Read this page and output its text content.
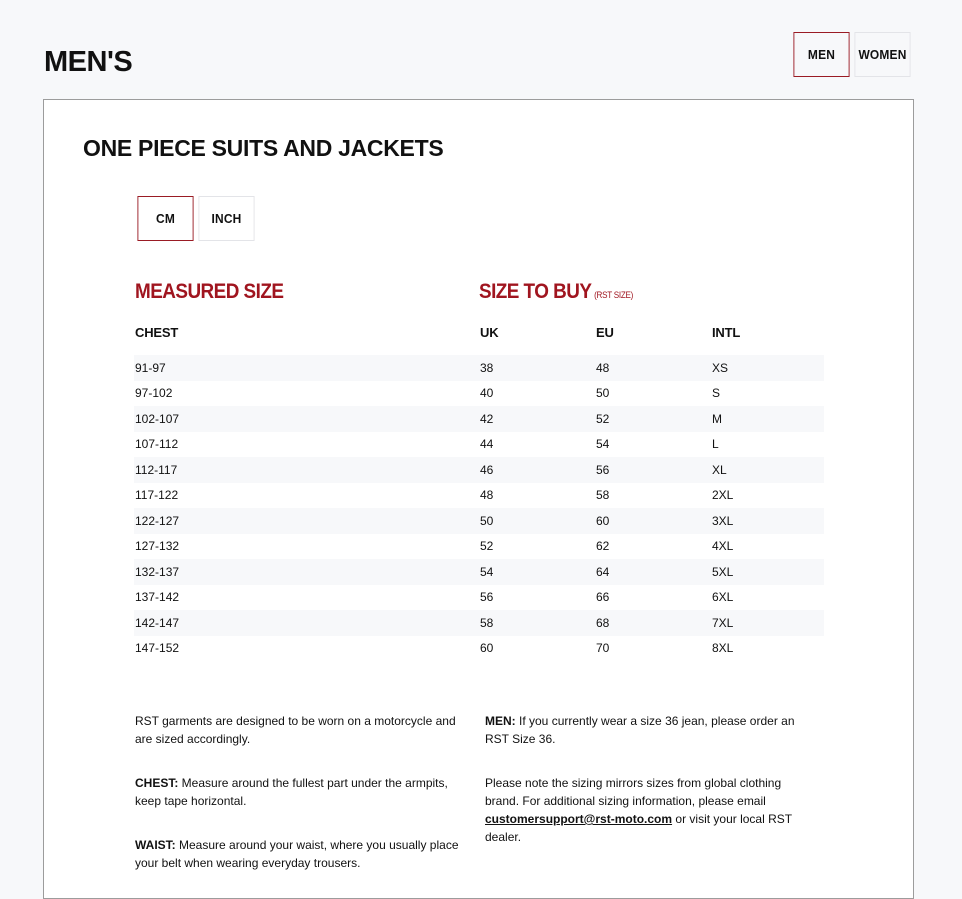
MEN'S	MEN	WOMEN
ONE PIECE SUITS AND JACKETS
CM	INCH
MEASURED SIZE	SIZE TO BUY (RST SIZE)
CHEST	UK	EU	INTL
91-97	38	48	XS
97-102	40	50	S
102-107	42	52	M
107-112	44	54	L
112-117	46	56	XL
117-122	48	58	2XL
122-127	50	60	3XL
127-132	52	62	4XL
132-137	54	64	5XL
137-142	56	66	6XL
142-147	58	68	7XL
147-152	60	70	8XL

RST garments are designed to be worn on a motorcycle and are sized accordingly.

CHEST: Measure around the fullest part under the armpits, keep tape horizontal.

WAIST: Measure around your waist, where you usually place your belt when wearing everyday trousers.

MEN: If you currently wear a size 36 jean, please order an RST Size 36.

Please note the sizing mirrors sizes from global clothing brand. For additional sizing information, please email customersupport@rst-moto.com or visit your local RST dealer.
